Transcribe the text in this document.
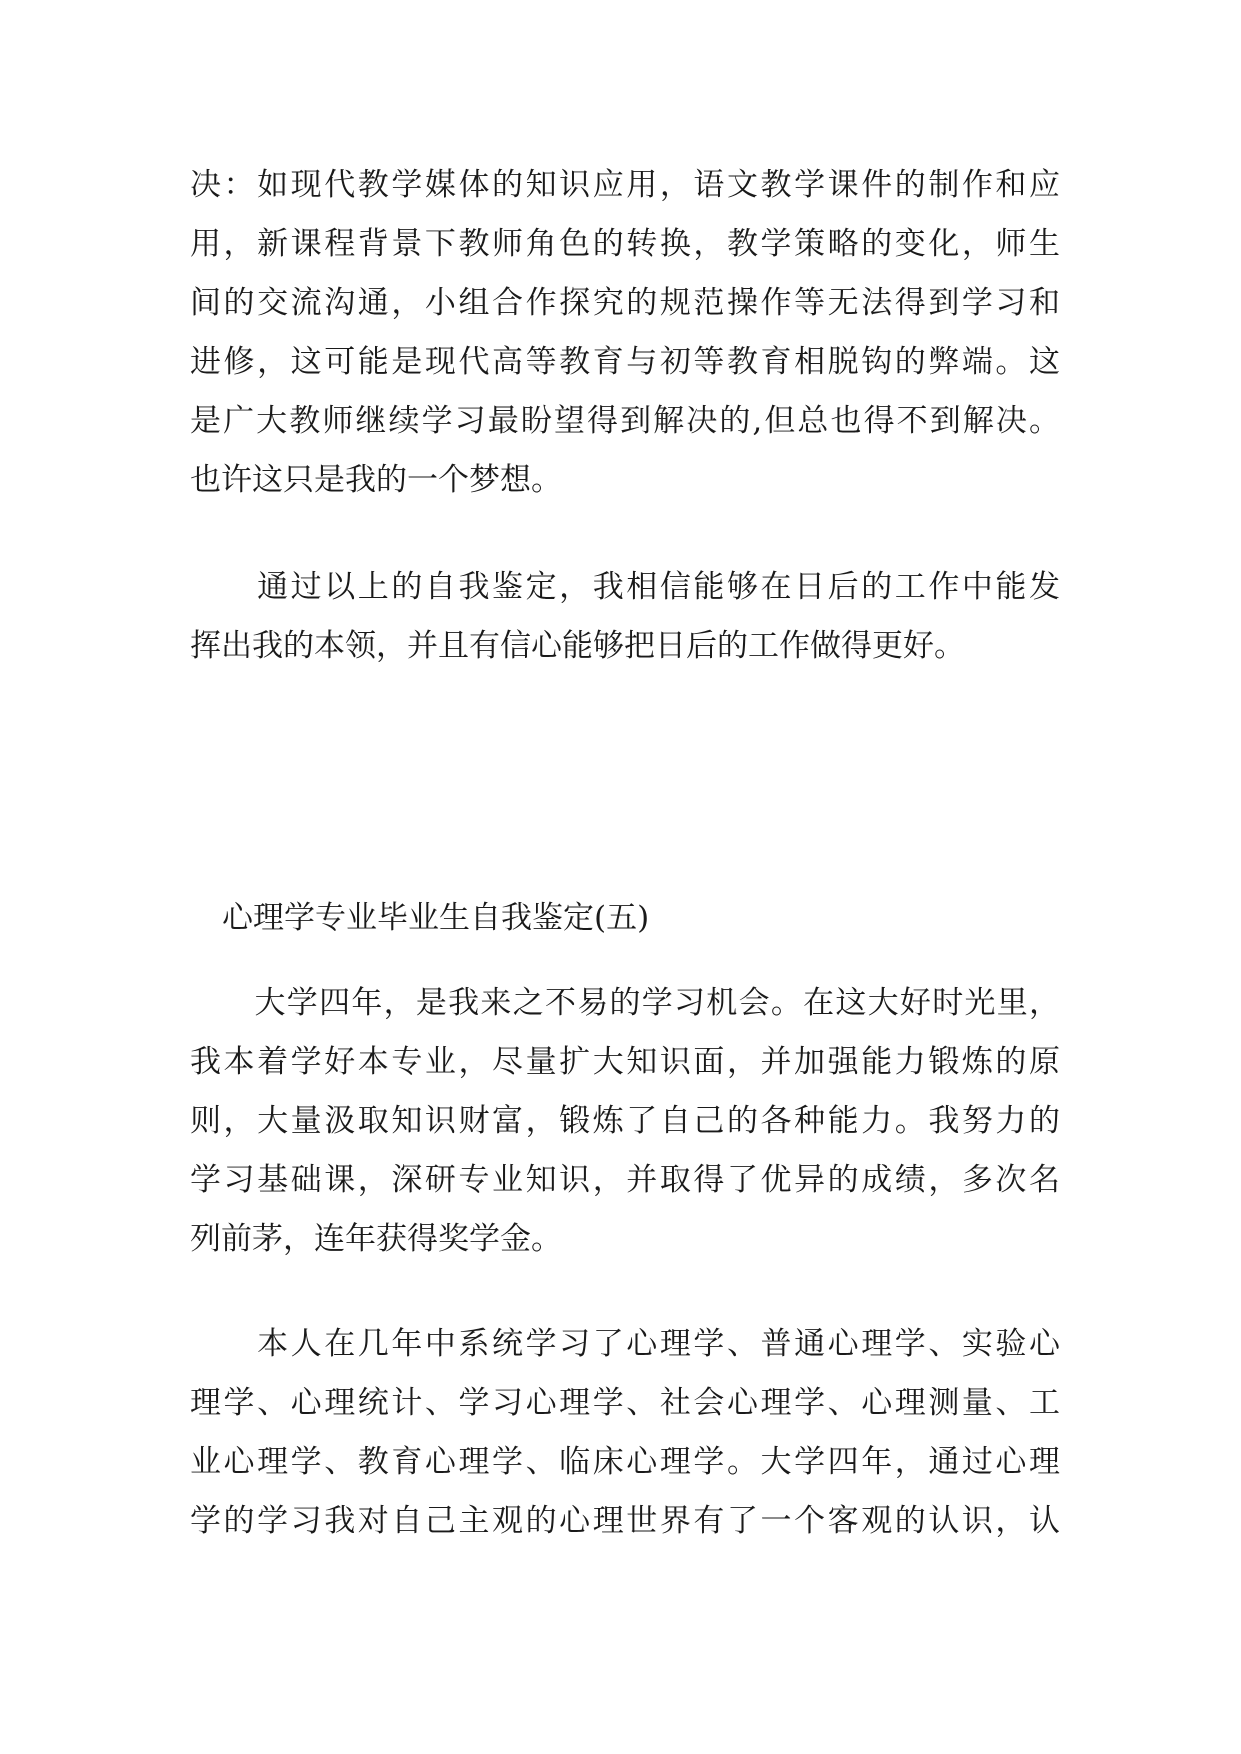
决：如现代教学媒体的知识应用，语文教学课件的制作和应
用，新课程背景下教师角色的转换，教学策略的变化，师生
间的交流沟通，小组合作探究的规范操作等无法得到学习和
进修，这可能是现代高等教育与初等教育相脱钩的弊端。这
是广大教师继续学习最盼望得到解决的,但总也得不到解决。
也许这只是我的一个梦想。
　　通过以上的自我鉴定，我相信能够在日后的工作中能发
挥出我的本领，并且有信心能够把日后的工作做得更好。
心理学专业毕业生自我鉴定(五)
　　大学四年，是我来之不易的学习机会。在这大好时光里，
我本着学好本专业，尽量扩大知识面，并加强能力锻炼的原
则，大量汲取知识财富，锻炼了自己的各种能力。我努力的
学习基础课，深研专业知识，并取得了优异的成绩，多次名
列前茅，连年获得奖学金。
　　本人在几年中系统学习了心理学、普通心理学、实验心
理学、心理统计、学习心理学、社会心理学、心理测量、工
业心理学、教育心理学、临床心理学。大学四年，通过心理
学的学习我对自己主观的心理世界有了一个客观的认识，认
